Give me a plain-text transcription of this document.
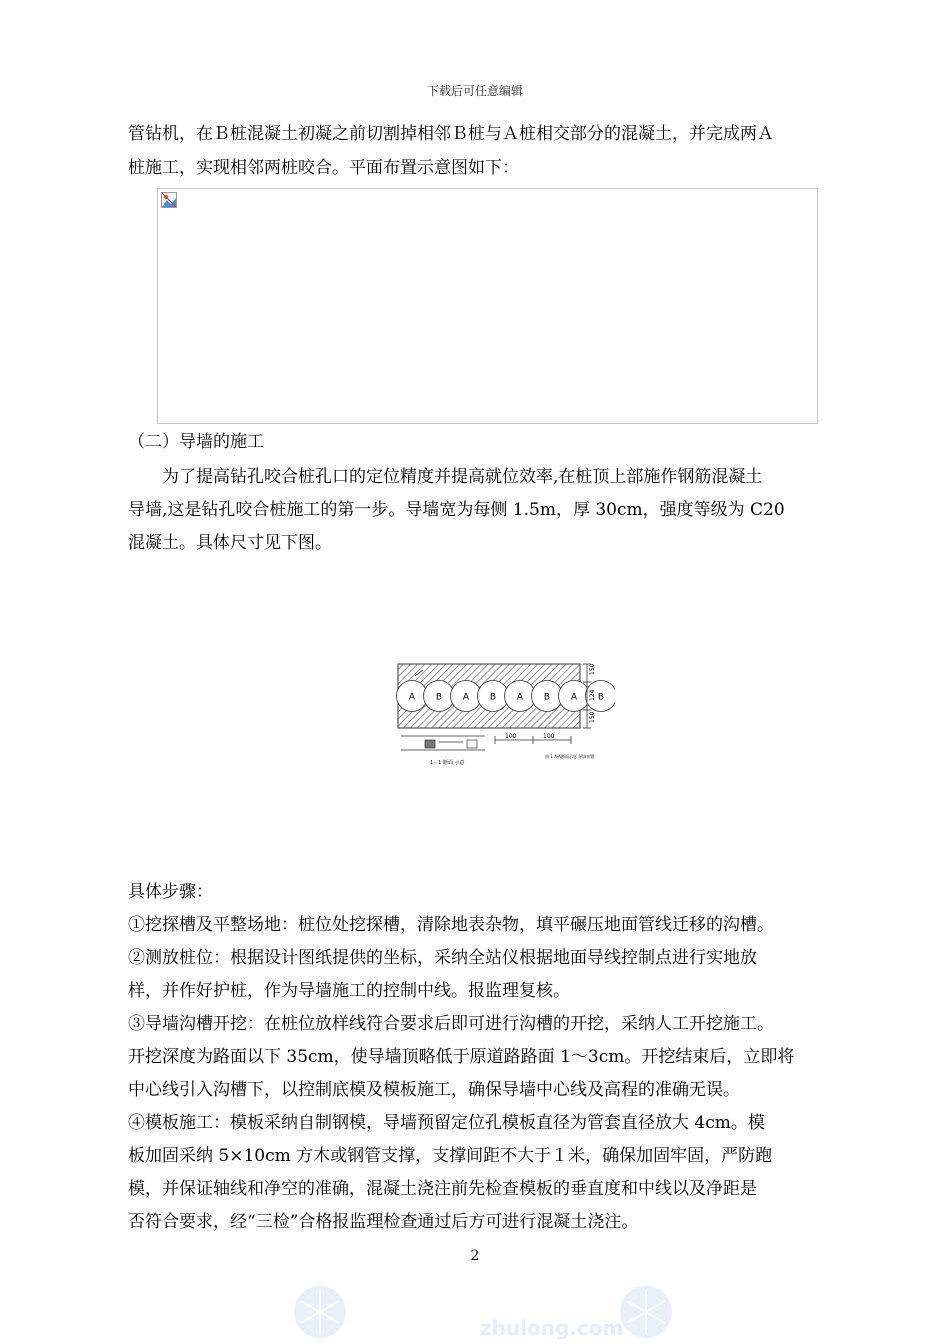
下载后可任意编辑
管钻机，在Ｂ桩混凝土初凝之前切割掉相邻Ｂ桩与Ａ桩相交部分的混凝土，并完成两Ａ
桩施工，实现相邻两桩咬合。平面布置示意图如下：
（二）导墙的施工
　　为了提高钻孔咬合桩孔口的定位精度并提高就位效率,在桩顶上部施作钢筋混凝土
导墙,这是钻孔咬合桩施工的第一步。导墙宽为每侧 1.5m，厚 30cm，强度等级为 C20
混凝土。具体尺寸见下图。
A B A B A B A B
150
124
150
100	100
1－1 断面 示意
图 1 A-A断面示意 导墙布置
具体步骤：
①挖探槽及平整场地：桩位处挖探槽，清除地表杂物，填平碾压地面管线迁移的沟槽。
②测放桩位：根据设计图纸提供的坐标，采纳全站仪根据地面导线控制点进行实地放
样，并作好护桩，作为导墙施工的控制中线。报监理复核。
③导墙沟槽开挖：在桩位放样线符合要求后即可进行沟槽的开挖，采纳人工开挖施工。
开挖深度为路面以下 35cm，使导墙顶略低于原道路路面 1～3cm。开挖结束后，立即将
中心线引入沟槽下，以控制底模及模板施工，确保导墙中心线及高程的准确无误。
④模板施工：模板采纳自制钢模，导墙预留定位孔模板直径为管套直径放大 4cm。模
板加固采纳 5×10cm 方木或钢管支撑，支撑间距不大于１米，确保加固牢固，严防跑
模，并保证轴线和净空的准确，混凝土浇注前先检查模板的垂直度和中线以及净距是
否符合要求，经“三检”合格报监理检查通过后方可进行混凝土浇注。
2
zhulong.com
